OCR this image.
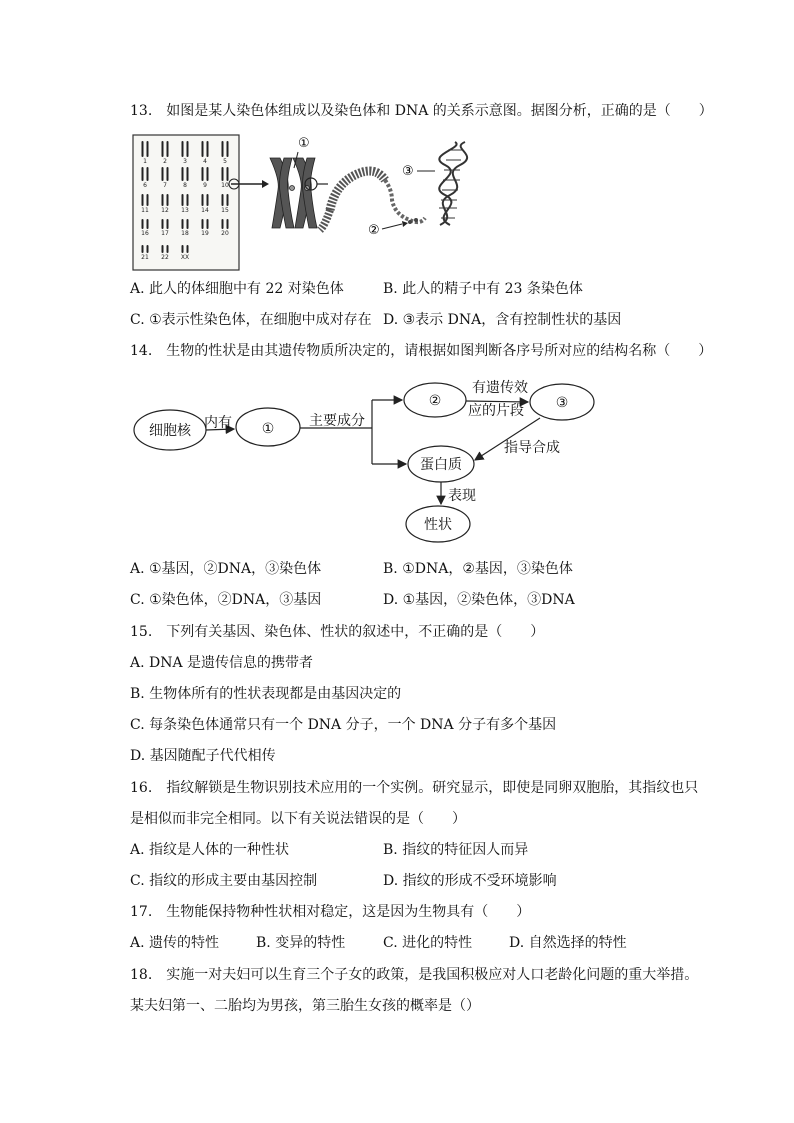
13.　如图是某人染色体组成以及染色体和 DNA 的关系示意图。据图分析，正确的是（　　）
1	2	3	4	5
6	7	8	9 10
11 12 13 14 15
16 17 18 19 20
21 22 XX
①
②
③
A. 此人的体细胞中有 22 对染色体	B. 此人的精子中有 23 条染色体
C. ①表示性染色体，在细胞中成对存在 D. ③表示 DNA，含有控制性状的基因
14.　生物的性状是由其遗传物质所决定的，请根据如图判断各序号所对应的结构名称（　　）
细胞核 内有 ① 主要成分
②
有遗传效
应的片段 ③
指导合成
蛋白质
表现
性状
A. ①基因，②DNA，③染色体	B. ①DNA，②基因，③染色体
C. ①染色体，②DNA，③基因	D. ①基因，②染色体，③DNA
15.　下列有关基因、染色体、性状的叙述中，不正确的是（　　）
A. DNA 是遗传信息的携带者
B. 生物体所有的性状表现都是由基因决定的
C. 每条染色体通常只有一个 DNA 分子，一个 DNA 分子有多个基因
D. 基因随配子代代相传
16.　指纹解锁是生物识别技术应用的一个实例。研究显示，即使是同卵双胞胎，其指纹也只
是相似而非完全相同。以下有关说法错误的是（　　）
A. 指纹是人体的一种性状	B. 指纹的特征因人而异
C. 指纹的形成主要由基因控制	D. 指纹的形成不受环境影响
17.　生物能保持物种性状相对稳定，这是因为生物具有（　　）
A. 遗传的特性	B. 变异的特性	C. 进化的特性	D. 自然选择的特性
18.　实施一对夫妇可以生育三个子女的政策，是我国积极应对人口老龄化问题的重大举措。
某夫妇第一、二胎均为男孩，第三胎生女孩的概率是（）
